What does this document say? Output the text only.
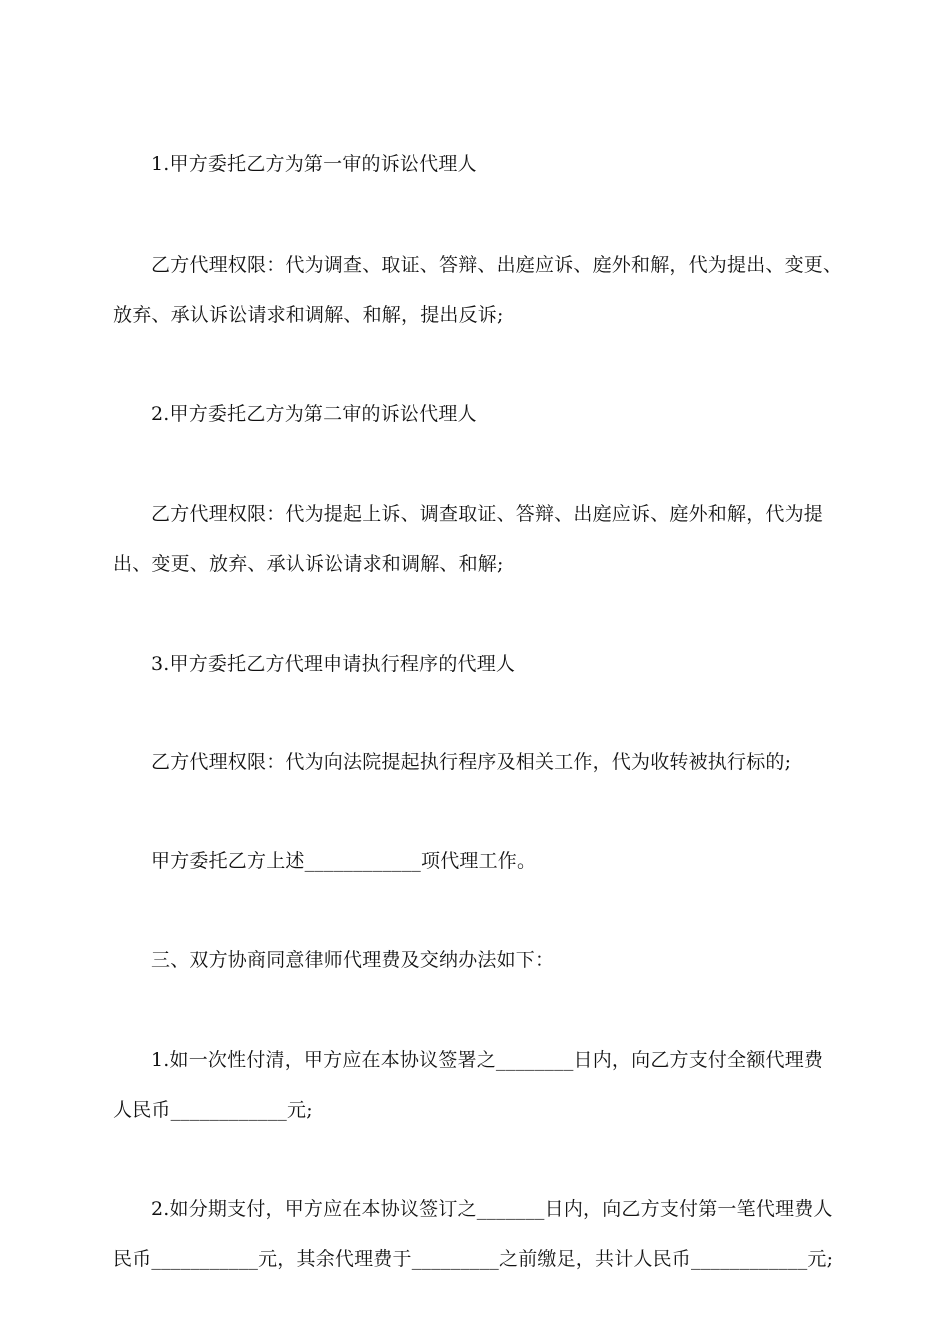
1.甲方委托乙方为第一审的诉讼代理人
乙方代理权限：代为调查、取证、答辩、出庭应诉、庭外和解，代为提出、变更、
放弃、承认诉讼请求和调解、和解，提出反诉;
2.甲方委托乙方为第二审的诉讼代理人
乙方代理权限：代为提起上诉、调查取证、答辩、出庭应诉、庭外和解，代为提
出、变更、放弃、承认诉讼请求和调解、和解;
3.甲方委托乙方代理申请执行程序的代理人
乙方代理权限：代为向法院提起执行程序及相关工作，代为收转被执行标的;
甲方委托乙方上述____________项代理工作。
三、双方协商同意律师代理费及交纳办法如下：
1.如一次性付清，甲方应在本协议签署之________日内，向乙方支付全额代理费
人民币____________元;
2.如分期支付，甲方应在本协议签订之_______日内，向乙方支付第一笔代理费人
民币___________元，其余代理费于_________之前缴足，共计人民币____________元;
